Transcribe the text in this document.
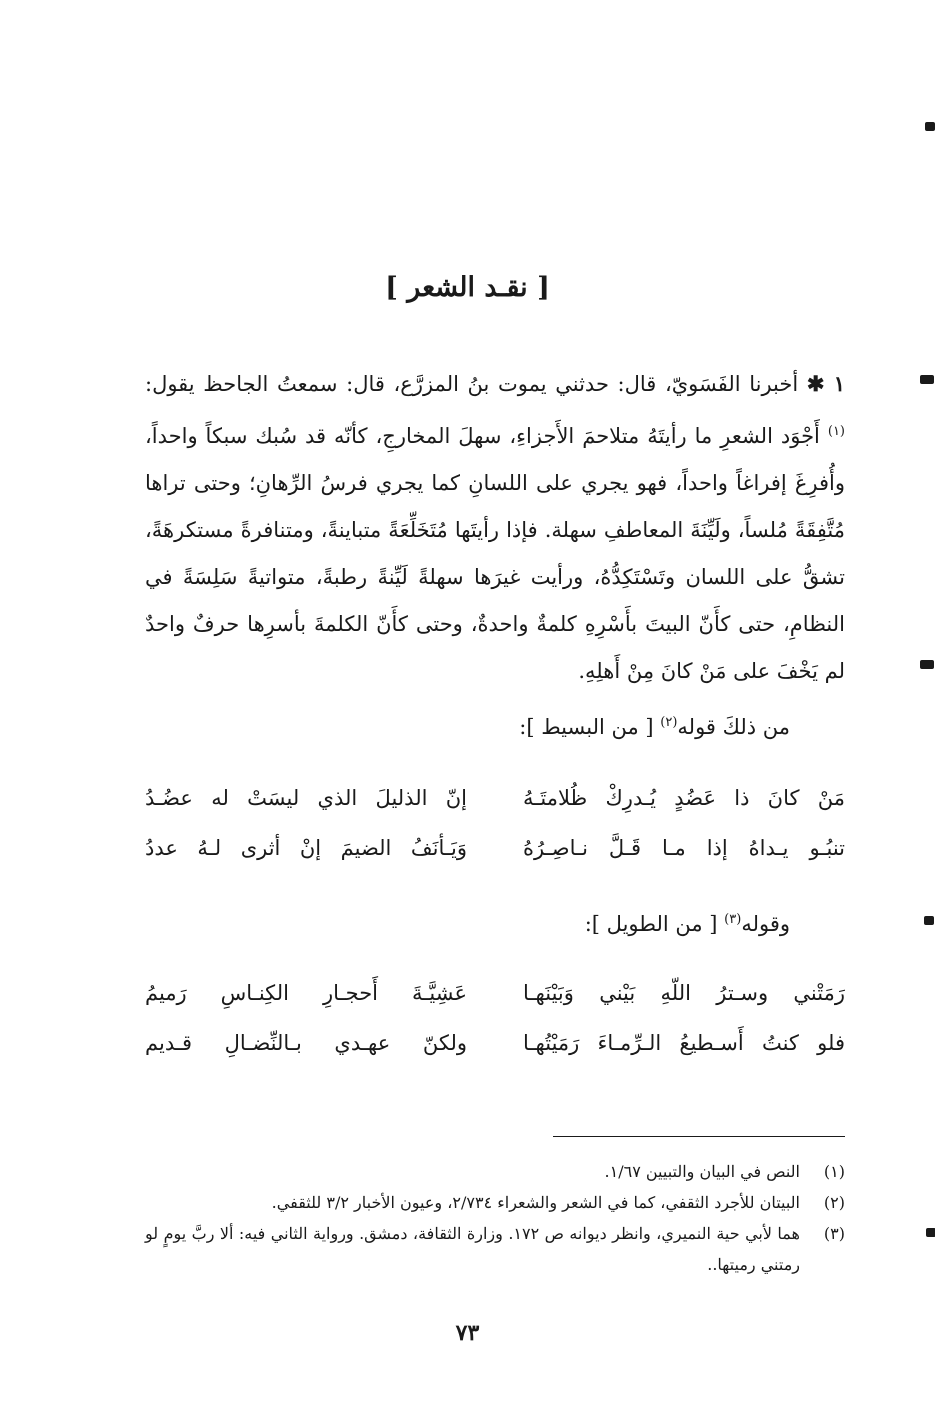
[ نقـد الشعر ]

١ ✱ أخبرنا الفَسَويّ، قال: حدثني يموت بنُ المزرَّع، قال: سمعتُ الجاحظ يقول: $^{(١)}$ أَجْوَد الشعرِ ما رأيتَهُ متلاحمَ الأَجزاءِ، سهلَ المخارجِ، كأنّه قد سُبك سبكاً واحداً، وأُفرِغَ إفراغاً واحداً، فهو يجري على اللسانِ كما يجري فرسُ الرِّهانِ؛ وحتى تراها مُتَّفِقَةً مُلساً، ولَيِّنَةَ المعاطفِ سهلة. فإذا رأيتَها مُتَخَلِّعَةً متباينةً، ومتنافرةً مستكرهَةً، تشقُّ على اللسان وتَسْتَكِدُّهُ، ورأيت غيرَها سهلةً لَيِّنةً رطبةً، متواتيةً سَلِسَةً في النظامِ، حتى كأَنّ البيتَ بأَسْرِهِ كلمةٌ واحدةٌ، وحتى كأَنّ الكلمةَ بأسرِها حرفٌ واحدٌ لم يَخْفَ على مَنْ كانَ مِنْ أَهلِهِ.

من ذلكَ قوله$^{(٢)}$ [ من البسيط ]:
مَنْ كانَ ذا عَضُدٍ يُـدرِكْ ظُلامتَـهُ
إنّ الذليلَ الذي ليسَتْ له عضُـدُ
تنبُـو يـداهُ إذا مـا قَـلَّ نـاصِـرُهُ
وَيَـأنَفُ الضيمَ إنْ أثرى لـهُ عددُ
وقوله$^{(٣)}$ [ من الطويل ]:
رَمَتْني وسـترُ اللّهِ بَيْني وَبَيْنَهـا
عَشِيَّـةَ أَحجـارِ الكِنـاسِ رَميمُ
فلو كنتُ أَسـطيعُ الـرِّمـاءَ رَمَيْتُهـا
ولكنّ عهـدي بـالنِّضـالِ قـديم

(١)
النص في البيان والتبيين ١/٦٧.

(٢)
البيتان للأجرد الثقفي، كما في الشعر والشعراء ٢/٧٣٤، وعيون الأخبار ٣/٢ للثقفي.

(٣)
هما لأبي حية النميري، وانظر ديوانه ص ١٧٢. وزارة الثقافة، دمشق. ورواية الثاني فيه: ألا ربَّ يومٍ لو رمتني رميتها..

٧٣
